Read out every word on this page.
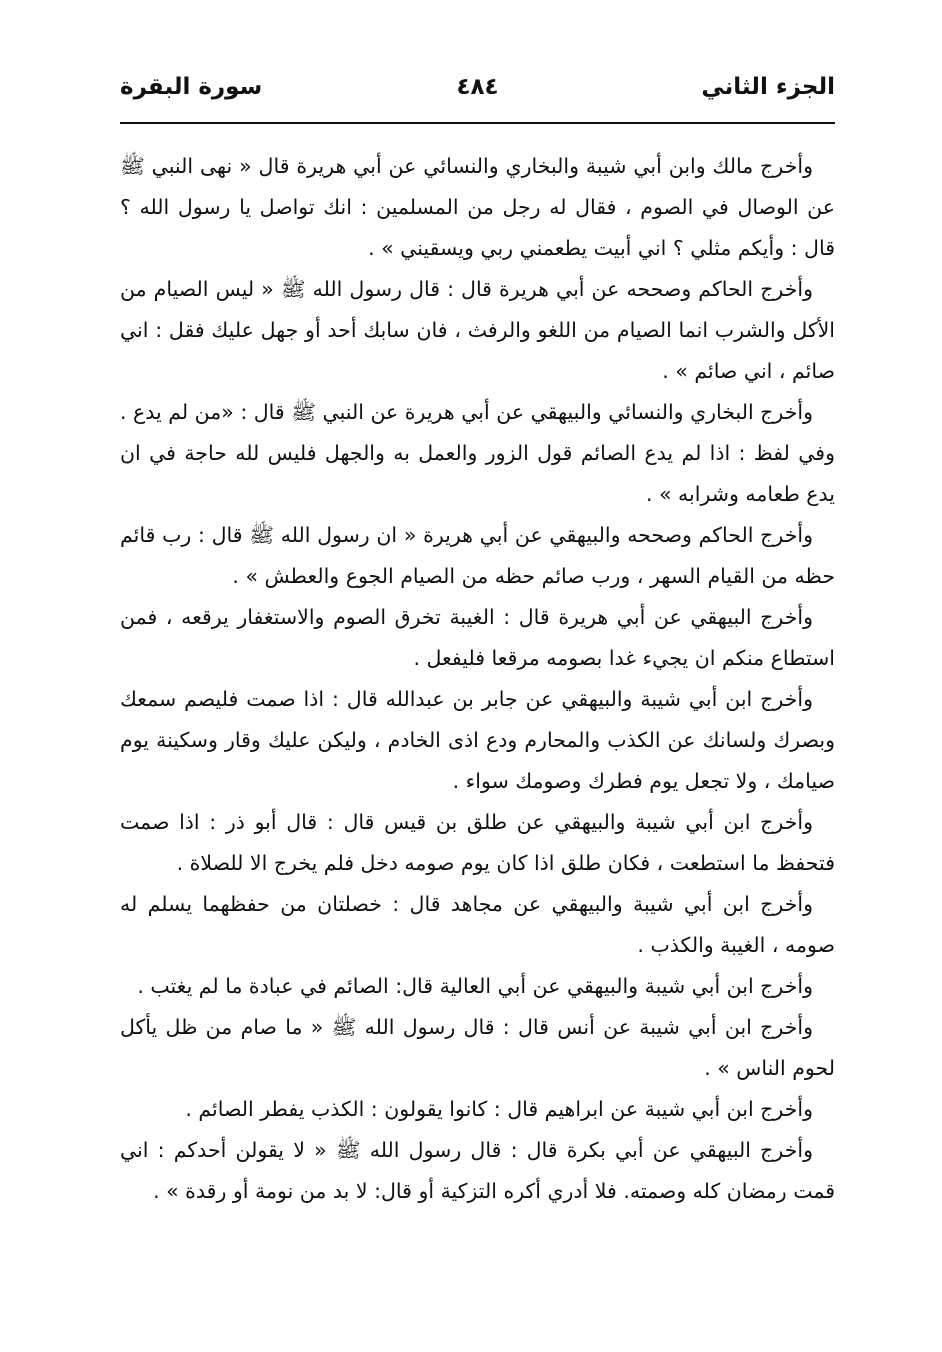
الجزء الثاني
٤٨٤
سورة البقرة

وأخرج مالك وابن أبي شيبة والبخاري والنسائي عن أبي هريرة قال « نهى النبي ﷺ عن الوصال في الصوم ، فقال له رجل من المسلمين : انك تواصل يا رسول الله ؟ قال : وأيكم مثلي ؟ اني أبيت يطعمني ربي ويسقيني » .

وأخرج الحاكم وصححه عن أبي هريرة قال : قال رسول الله ﷺ « ليس الصيام من الأكل والشرب انما الصيام من اللغو والرفث ، فان سابك أحد أو جهل عليك فقل : اني صائم ، اني صائم » .

وأخرج البخاري والنسائي والبيهقي عن أبي هريرة عن النبي ﷺ قال : «من لم يدع . وفي لفظ : اذا لم يدع الصائم قول الزور والعمل به والجهل فليس لله حاجة في ان يدع طعامه وشرابه » .

وأخرج الحاكم وصححه والبيهقي عن أبي هريرة « ان رسول الله ﷺ قال : رب قائم حظه من القيام السهر ، ورب صائم حظه من الصيام الجوع والعطش » .

وأخرج البيهقي عن أبي هريرة قال : الغيبة تخرق الصوم والاستغفار يرقعه ، فمن استطاع منكم ان يجيء غدا بصومه مرقعا فليفعل .

وأخرج ابن أبي شيبة والبيهقي عن جابر بن عبدالله قال : اذا صمت فليصم سمعك وبصرك ولسانك عن الكذب والمحارم ودع اذى الخادم ، وليكن عليك وقار وسكينة يوم صيامك ، ولا تجعل يوم فطرك وصومك سواء .

وأخرج ابن أبي شيبة والبيهقي عن طلق بن قيس قال : قال أبو ذر : اذا صمت فتحفظ ما استطعت ، فكان طلق اذا كان يوم صومه دخل فلم يخرج الا للصلاة .

وأخرج ابن أبي شيبة والبيهقي عن مجاهد قال : خصلتان من حفظهما يسلم له صومه ، الغيبة والكذب .

وأخرج ابن أبي شيبة والبيهقي عن أبي العالية قال: الصائم في عبادة ما لم يغتب .

وأخرج ابن أبي شيبة عن أنس قال : قال رسول الله ﷺ « ما صام من ظل يأكل لحوم الناس » .

وأخرج ابن أبي شيبة عن ابراهيم قال : كانوا يقولون : الكذب يفطر الصائم .

وأخرج البيهقي عن أبي بكرة قال : قال رسول الله ﷺ « لا يقولن أحدكم : اني قمت رمضان كله وصمته. فلا أدري أكره التزكية أو قال: لا بد من نومة أو رقدة » .
